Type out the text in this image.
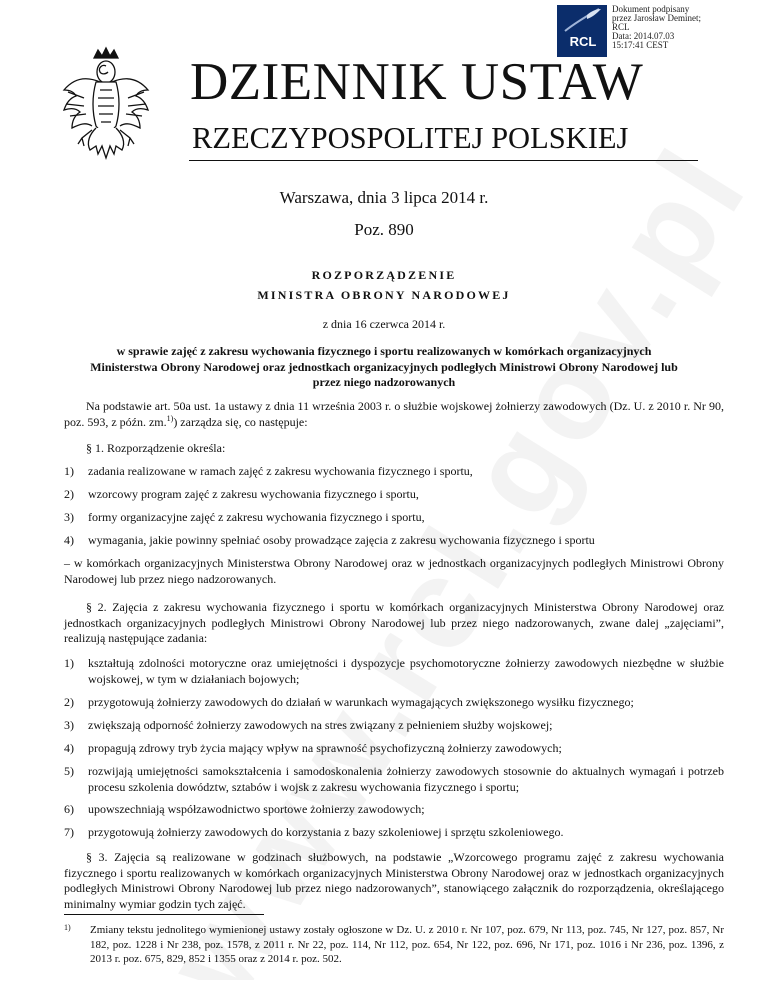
RCL
Dokument podpisany
przez Jarosław Deminet;
RCL
Data: 2014.07.03
15:17:41 CEST
DZIENNIK USTAW
RZECZYPOSPOLITEJ POLSKIEJ
Warszawa, dnia 3 lipca 2014 r.
Poz. 890
ROZPORZĄDZENIE
MINISTRA OBRONY NARODOWEJ
z dnia 16 czerwca 2014 r.
w sprawie zajęć z zakresu wychowania fizycznego i sportu realizowanych w komórkach organizacyjnych Ministerstwa Obrony Narodowej oraz jednostkach organizacyjnych podległych Ministrowi Obrony Narodowej lub przez niego nadzorowanych
Na podstawie art. 50a ust. 1a ustawy z dnia 11 września 2003 r. o służbie wojskowej żołnierzy zawodowych (Dz. U. z 2010 r. Nr 90, poz. 593, z późn. zm.$^{1)}$) zarządza się, co następuje:
§ 1. Rozporządzenie określa:
1) zadania realizowane w ramach zajęć z zakresu wychowania fizycznego i sportu,
2) wzorcowy program zajęć z zakresu wychowania fizycznego i sportu,
3) formy organizacyjne zajęć z zakresu wychowania fizycznego i sportu,
4) wymagania, jakie powinny spełniać osoby prowadzące zajęcia z zakresu wychowania fizycznego i sportu
– w komórkach organizacyjnych Ministerstwa Obrony Narodowej oraz w jednostkach organizacyjnych podległych Ministrowi Obrony Narodowej lub przez niego nadzorowanych.
§ 2. Zajęcia z zakresu wychowania fizycznego i sportu w komórkach organizacyjnych Ministerstwa Obrony Narodowej oraz jednostkach organizacyjnych podległych Ministrowi Obrony Narodowej lub przez niego nadzorowanych, zwane dalej „zajęciami”, realizują następujące zadania:
1) kształtują zdolności motoryczne oraz umiejętności i dyspozycje psychomotoryczne żołnierzy zawodowych niezbędne w służbie wojskowej, w tym w działaniach bojowych;
2) przygotowują żołnierzy zawodowych do działań w warunkach wymagających zwiększonego wysiłku fizycznego;
3) zwiększają odporność żołnierzy zawodowych na stres związany z pełnieniem służby wojskowej;
4) propagują zdrowy tryb życia mający wpływ na sprawność psychofizyczną żołnierzy zawodowych;
5) rozwijają umiejętności samokształcenia i samodoskonalenia żołnierzy zawodowych stosownie do aktualnych wymagań i potrzeb procesu szkolenia dowództw, sztabów i wojsk z zakresu wychowania fizycznego i sportu;
6) upowszechniają współzawodnictwo sportowe żołnierzy zawodowych;
7) przygotowują żołnierzy zawodowych do korzystania z bazy szkoleniowej i sprzętu szkoleniowego.
§ 3. Zajęcia są realizowane w godzinach służbowych, na podstawie „Wzorcowego programu zajęć z zakresu wychowania fizycznego i sportu realizowanych w komórkach organizacyjnych Ministerstwa Obrony Narodowej oraz w jednostkach organizacyjnych podległych Ministrowi Obrony Narodowej lub przez niego nadzorowanych”, stanowiącego załącznik do rozporządzenia, określającego minimalny wymiar godzin tych zajęć.
1) Zmiany tekstu jednolitego wymienionej ustawy zostały ogłoszone w Dz. U. z 2010 r. Nr 107, poz. 679, Nr 113, poz. 745, Nr 127, poz. 857, Nr 182, poz. 1228 i Nr 238, poz. 1578, z 2011 r. Nr 22, poz. 114, Nr 112, poz. 654, Nr 122, poz. 696, Nr 171, poz. 1016 i Nr 236, poz. 1396, z 2013 r. poz. 675, 829, 852 i 1355 oraz z 2014 r. poz. 502.
